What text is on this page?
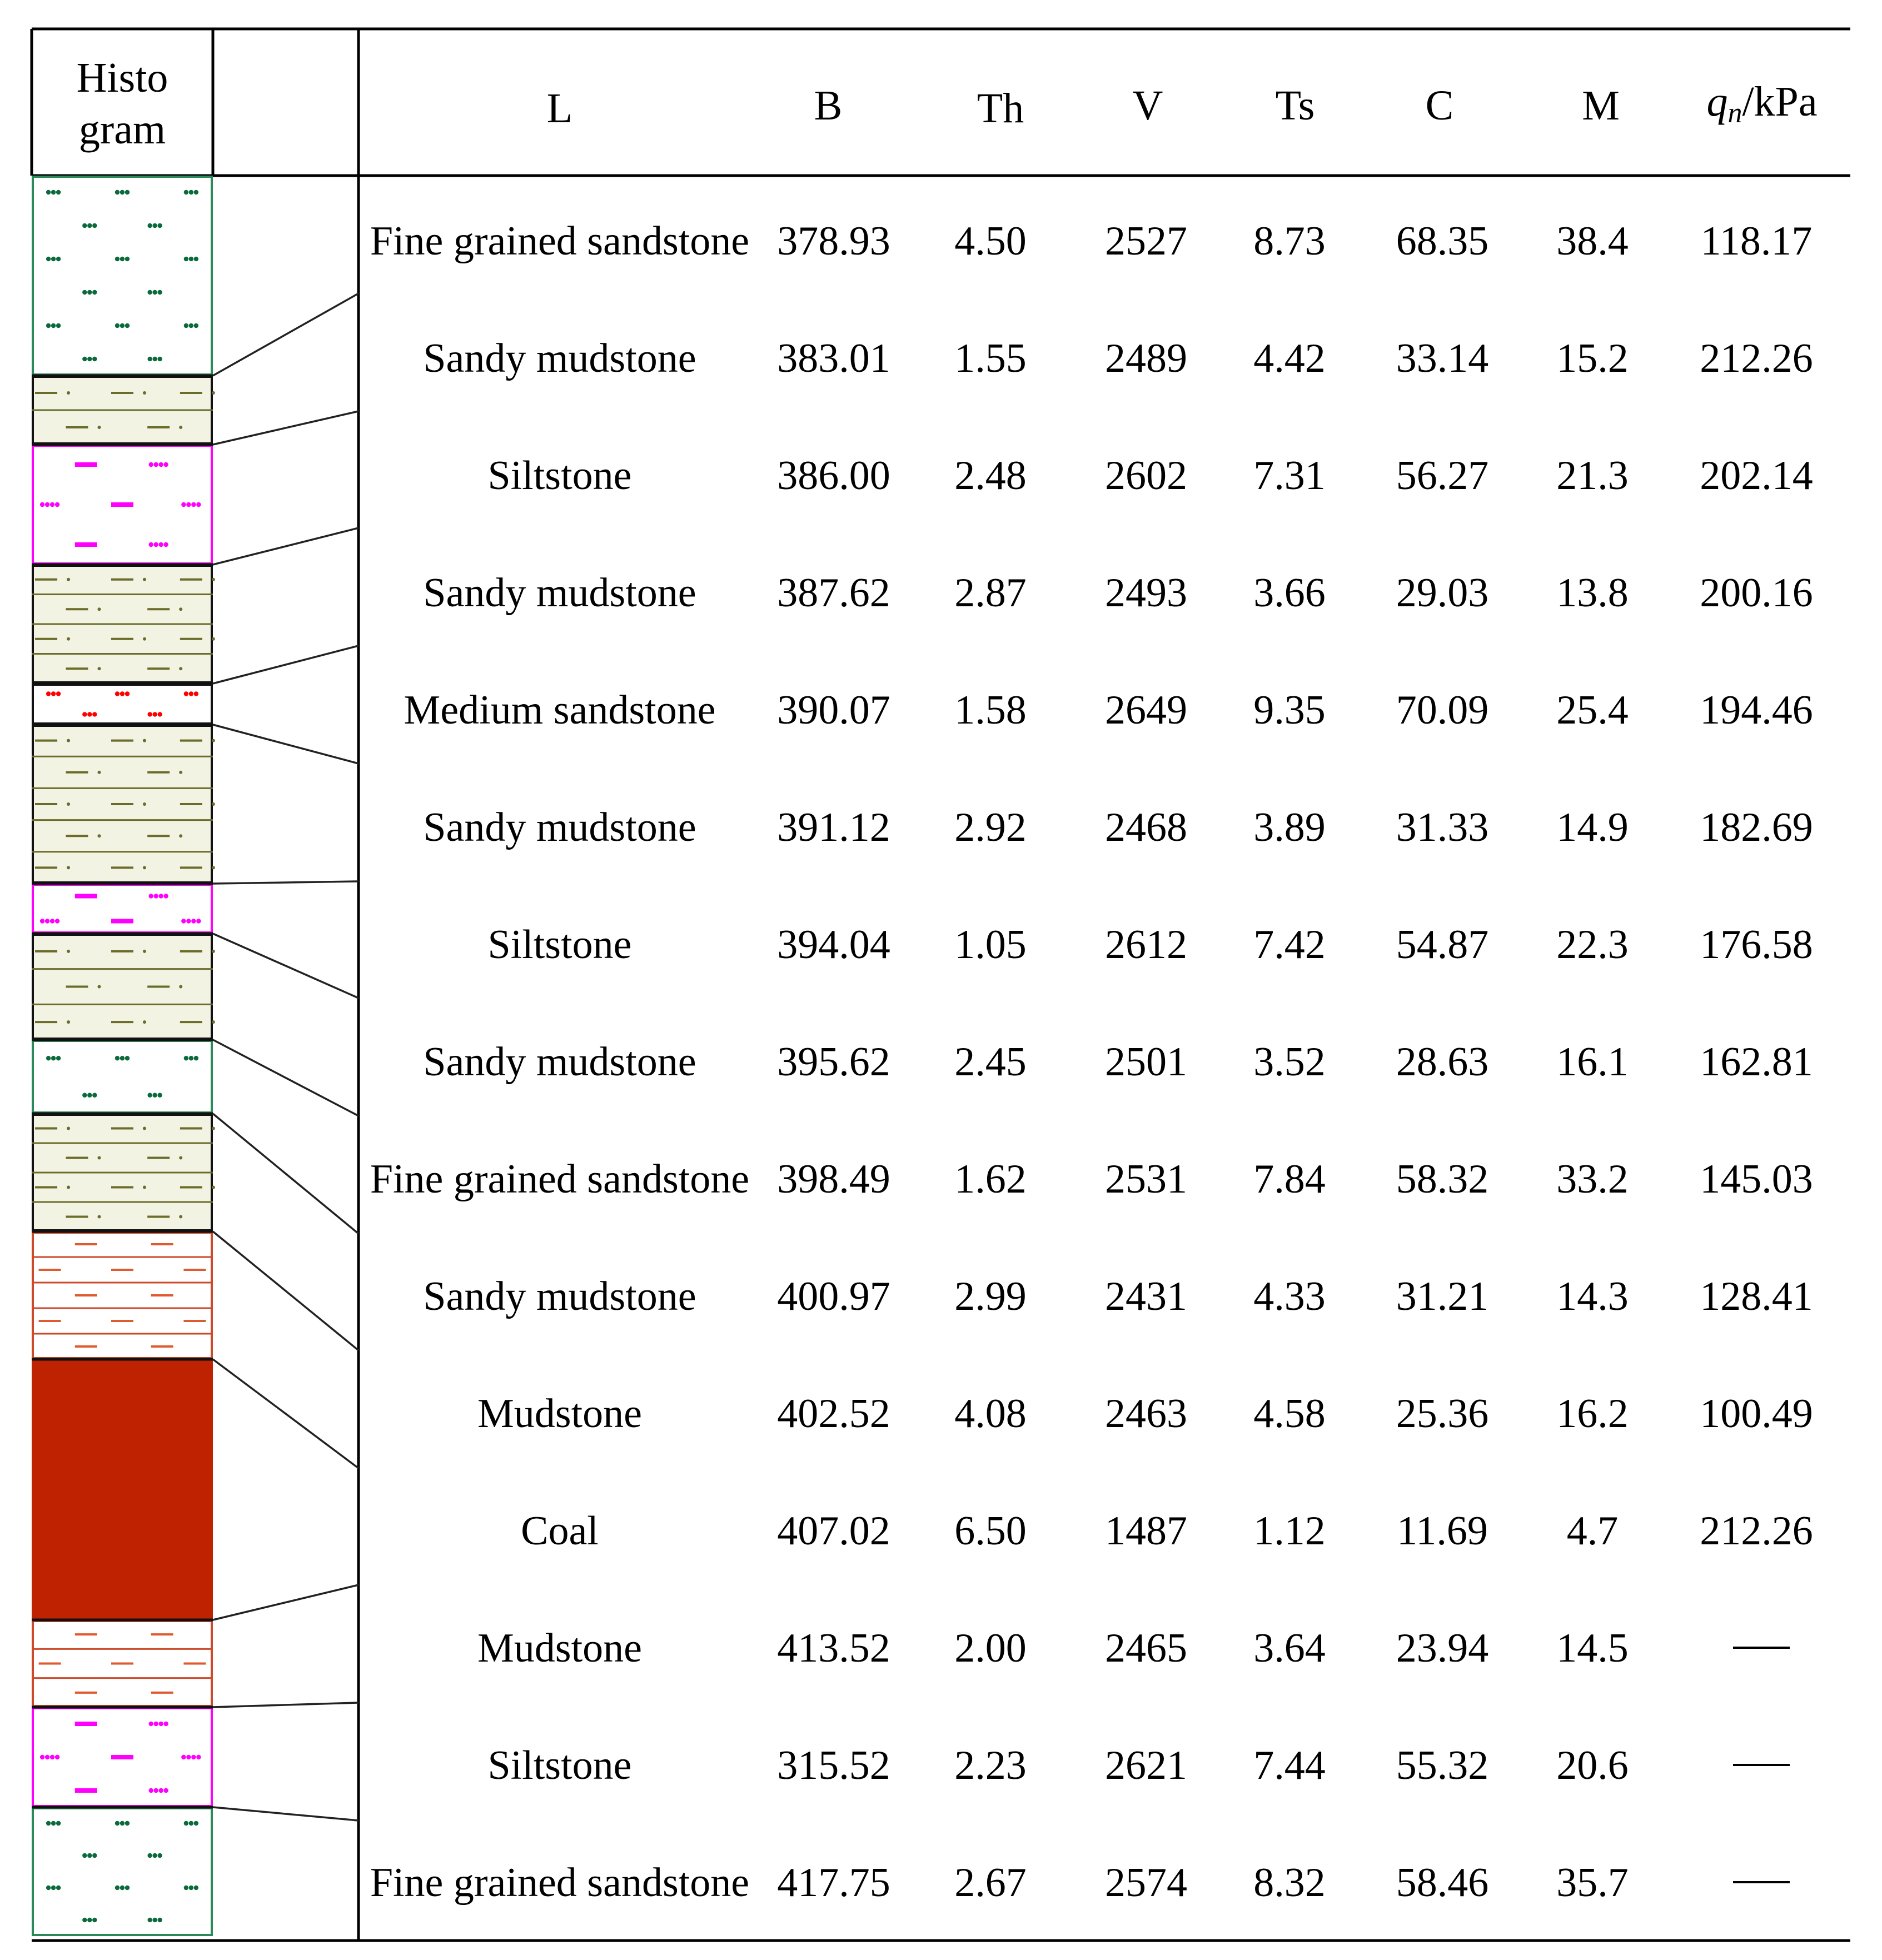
Histo
gram	L	B	Th	V	Ts	C	M qn/kPa
Fine grained sandstone 378.93 4.50 2527 8.73 68.35 38.4 118.17
Sandy mudstone 383.01 1.55 2489 4.42 33.14 15.2 212.26
Siltstone	386.00 2.48 2602 7.31 56.27 21.3 202.14
Sandy mudstone 387.62 2.87 2493 3.66 29.03 13.8 200.16
Medium sandstone 390.07 1.58 2649 9.35 70.09 25.4 194.46
Sandy mudstone 391.12 2.92 2468 3.89 31.33 14.9 182.69
Siltstone	394.04 1.05 2612 7.42 54.87 22.3 176.58
Sandy mudstone 395.62 2.45 2501 3.52 28.63 16.1 162.81
Fine grained sandstone 398.49 1.62 2531 7.84 58.32 33.2 145.03
Sandy mudstone 400.97 2.99 2431 4.33 31.21 14.3 128.41
Mudstone	402.52 4.08 2463 4.58 25.36 16.2 100.49
Coal	407.02 6.50 1487 1.12 11.69 4.7 212.26
Mudstone	413.52 2.00 2465 3.64 23.94 14.5
Siltstone	315.52 2.23 2621 7.44 55.32 20.6
Fine grained sandstone 417.75 2.67 2574 8.32 58.46 35.7
